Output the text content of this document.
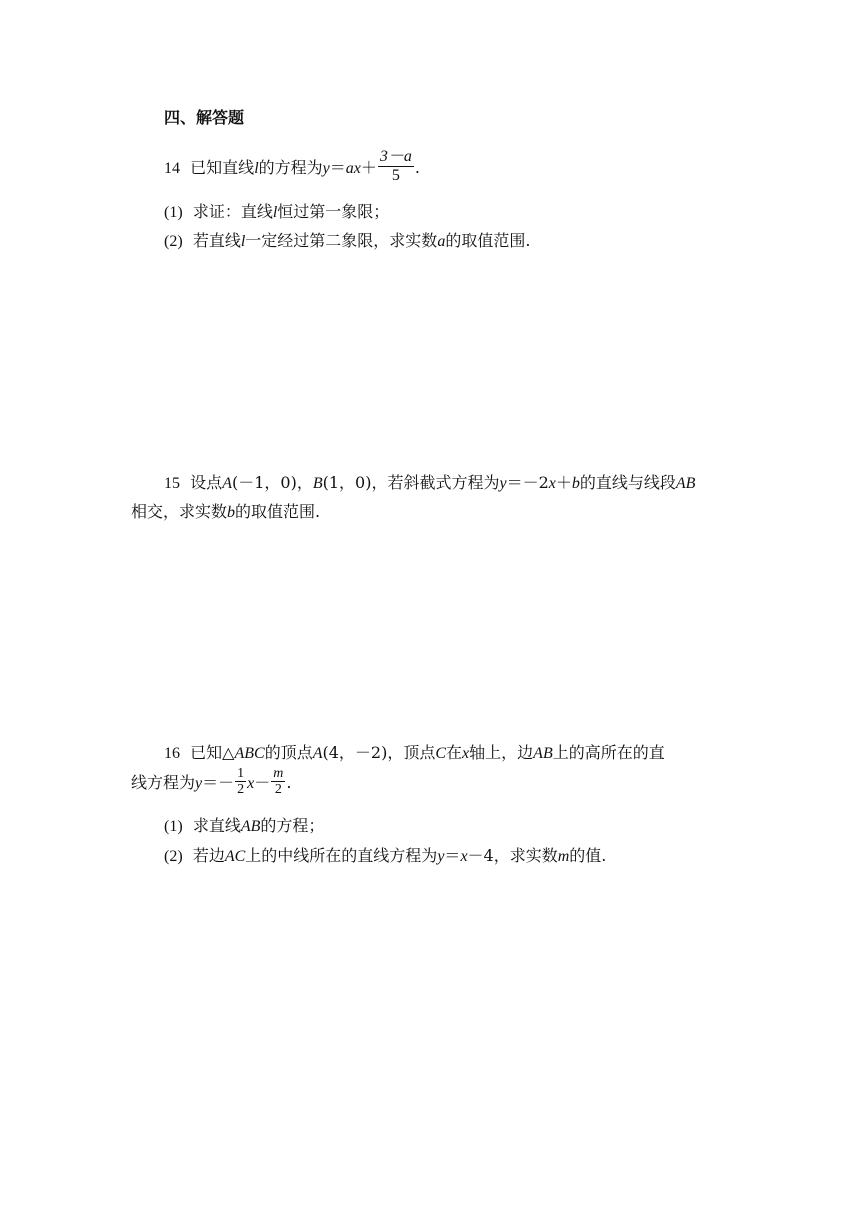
四、解答题
14 已知直线l的方程为$y=ax+ \frac{3-a}{5}$ .
(1) 求证：直线l恒过第一象限；
(2) 若直线l一定经过第二象限，求实数a的取值范围.
15 设点A(－1，0)，B(1，0)，若斜截式方程为y＝－2x＋b的直线与线段AB
相交，求实数b的取值范围.
16 已知△ABC的顶点A(4，－2)，顶点C在x轴上，边AB上的高所在的直
线方程为$y=- \frac{1}{2} x- \frac{m}{2}$ .
(1) 求直线AB的方程；
(2) 若边AC上的中线所在的直线方程为y＝x－4，求实数m的值.
